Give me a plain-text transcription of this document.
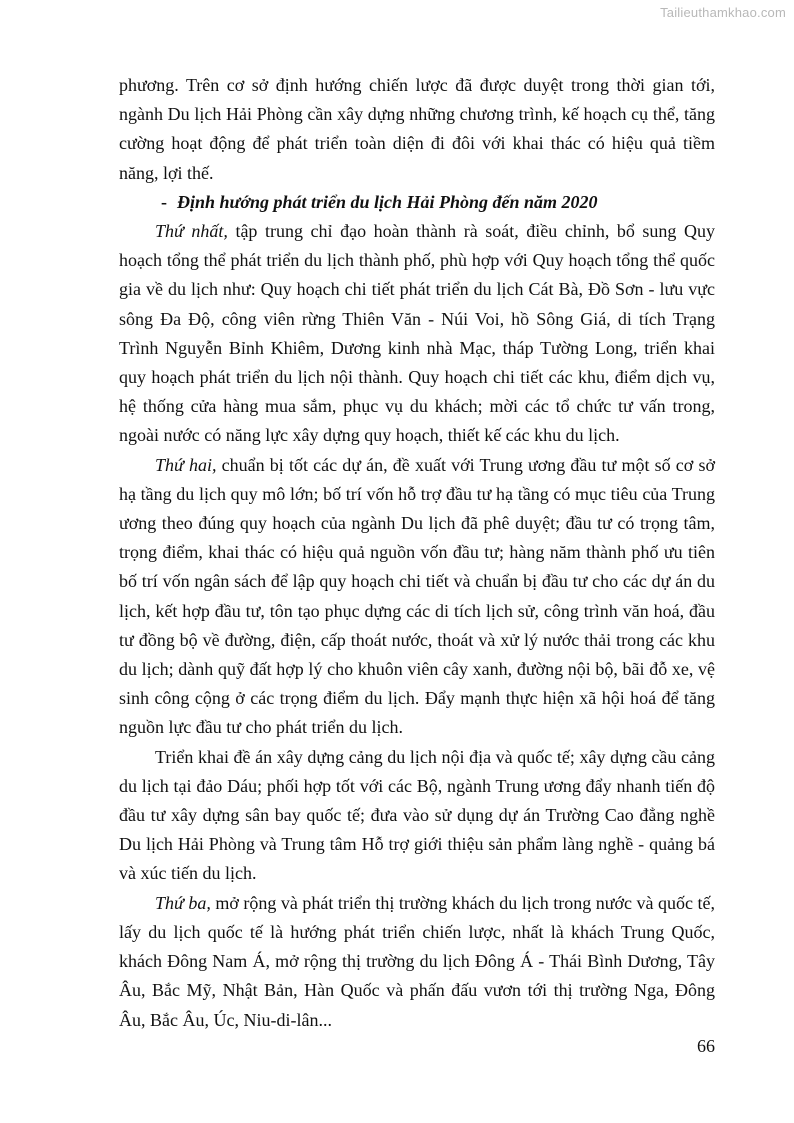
Tailieuthamkhao.com

phương. Trên cơ sở định hướng chiến lược đã được duyệt trong thời gian tới, ngành Du lịch Hải Phòng cần xây dựng những chương trình, kế hoạch cụ thể, tăng cường hoạt động để phát triển toàn diện đi đôi với khai thác có hiệu quả tiềm năng, lợi thế.

- Định hướng phát triển du lịch Hải Phòng đến năm 2020

Thứ nhất, tập trung chỉ đạo hoàn thành rà soát, điều chỉnh, bổ sung Quy hoạch tổng thể phát triển du lịch thành phố, phù hợp với Quy hoạch tổng thể quốc gia về du lịch như: Quy hoạch chi tiết phát triển du lịch Cát Bà, Đồ Sơn - lưu vực sông Đa Độ, công viên rừng Thiên Văn - Núi Voi, hồ Sông Giá, di tích Trạng Trình Nguyễn Bỉnh Khiêm, Dương kinh nhà Mạc, tháp Tường Long, triển khai quy hoạch phát triển du lịch nội thành. Quy hoạch chi tiết các khu, điểm dịch vụ, hệ thống cửa hàng mua sắm, phục vụ du khách; mời các tổ chức tư vấn trong, ngoài nước có năng lực xây dựng quy hoạch, thiết kế các khu du lịch.

Thứ hai, chuẩn bị tốt các dự án, đề xuất với Trung ương đầu tư một số cơ sở hạ tầng du lịch quy mô lớn; bố trí vốn hỗ trợ đầu tư hạ tầng có mục tiêu của Trung ương theo đúng quy hoạch của ngành Du lịch đã phê duyệt; đầu tư có trọng tâm, trọng điểm, khai thác có hiệu quả nguồn vốn đầu tư; hàng năm thành phố ưu tiên bố trí vốn ngân sách để lập quy hoạch chi tiết và chuẩn bị đầu tư cho các dự án du lịch, kết hợp đầu tư, tôn tạo phục dựng các di tích lịch sử, công trình văn hoá, đầu tư đồng bộ về đường, điện, cấp thoát nước, thoát và xử lý nước thải trong các khu du lịch; dành quỹ đất hợp lý cho khuôn viên cây xanh, đường nội bộ, bãi đỗ xe, vệ sinh công cộng ở các trọng điểm du lịch. Đẩy mạnh thực hiện xã hội hoá để tăng nguồn lực đầu tư cho phát triển du lịch.

Triển khai đề án xây dựng cảng du lịch nội địa và quốc tế; xây dựng cầu cảng du lịch tại đảo Dáu; phối hợp tốt với các Bộ, ngành Trung ương đẩy nhanh tiến độ đầu tư xây dựng sân bay quốc tế; đưa vào sử dụng dự án Trường Cao đẳng nghề Du lịch Hải Phòng và Trung tâm Hỗ trợ giới thiệu sản phẩm làng nghề - quảng bá và xúc tiến du lịch.

Thứ ba, mở rộng và phát triển thị trường khách du lịch trong nước và quốc tế, lấy du lịch quốc tế là hướng phát triển chiến lược, nhất là khách Trung Quốc, khách Đông Nam Á, mở rộng thị trường du lịch Đông Á - Thái Bình Dương, Tây Âu, Bắc Mỹ, Nhật Bản, Hàn Quốc và phấn đấu vươn tới thị trường Nga, Đông Âu, Bắc Âu, Úc, Niu-di-lân...

66
